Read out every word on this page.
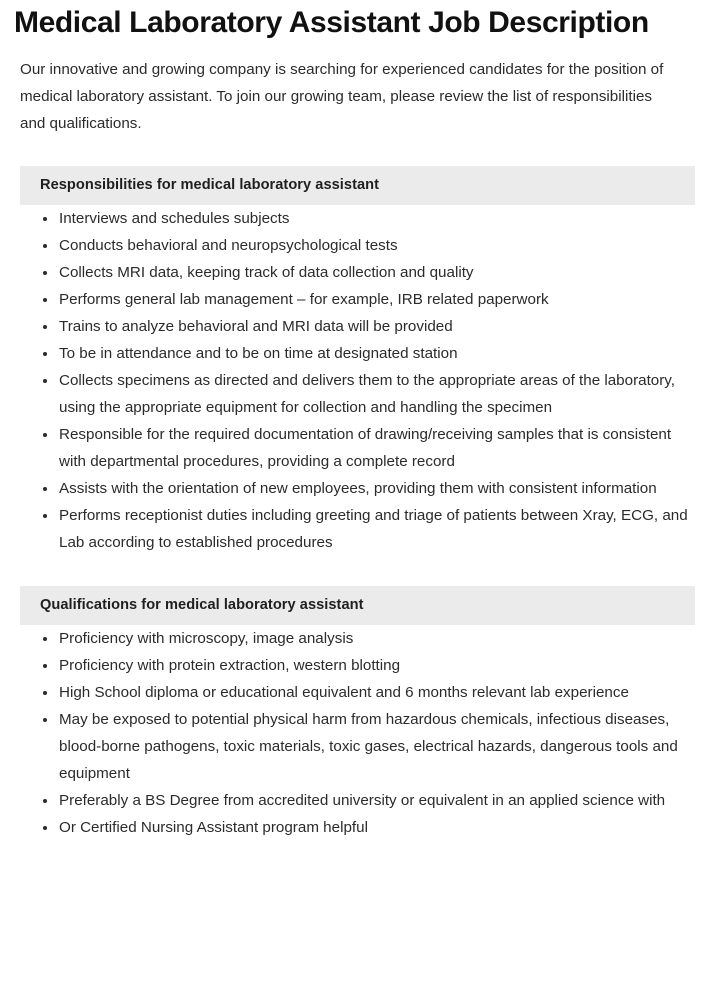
Medical Laboratory Assistant Job Description

Our innovative and growing company is searching for experienced candidates for the position of medical laboratory assistant. To join our growing team, please review the list of responsibilities and qualifications.

Responsibilities for medical laboratory assistant
Interviews and schedules subjects
Conducts behavioral and neuropsychological tests
Collects MRI data, keeping track of data collection and quality
Performs general lab management – for example, IRB related paperwork
Trains to analyze behavioral and MRI data will be provided
To be in attendance and to be on time at designated station
Collects specimens as directed and delivers them to the appropriate areas of the laboratory, using the appropriate equipment for collection and handling the specimen
Responsible for the required documentation of drawing/receiving samples that is consistent with departmental procedures, providing a complete record
Assists with the orientation of new employees, providing them with consistent information
Performs receptionist duties including greeting and triage of patients between Xray, ECG, and Lab according to established procedures
Qualifications for medical laboratory assistant
Proficiency with microscopy, image analysis
Proficiency with protein extraction, western blotting
High School diploma or educational equivalent and 6 months relevant lab experience
May be exposed to potential physical harm from hazardous chemicals, infectious diseases, blood-borne pathogens, toxic materials, toxic gases, electrical hazards, dangerous tools and equipment
Preferably a BS Degree from accredited university or equivalent in an applied science with
Or Certified Nursing Assistant program helpful
